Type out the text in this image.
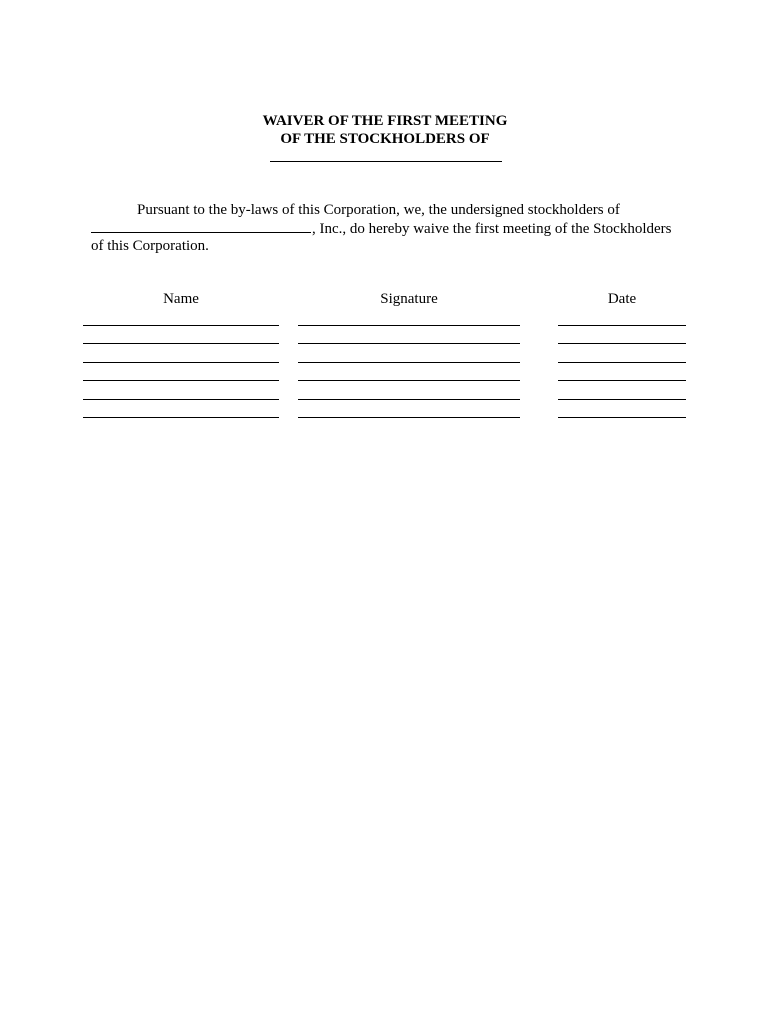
WAIVER OF THE FIRST MEETING
OF THE STOCKHOLDERS OF
Pursuant to the by-laws of this Corporation, we, the undersigned stockholders of
, Inc., do hereby waive the first meeting of the Stockholders
of this Corporation.
Name	Signature	Date
